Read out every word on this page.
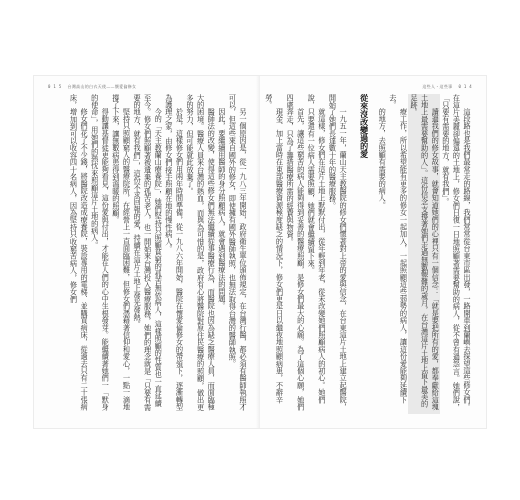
0 1 5 台灣高山的白衣天使——懷愛倫修女

另一個原因是，從一九八三年開始，政府衛生單位頒佈規定，在台灣行醫，都必須有醫師執照才可以，但這些來自國外的修女，即使擁有國外醫師執照，也無法取得台灣的醫師執照。

因此，要繼續用醫師的身分照顧病人，就會遇到醫療法的問題。

醫師法的改變，使得這些修女們無法繼續從事醫療行為，而醫院也因為缺乏醫療人員，而面臨極大的困境。醫療人員來台灣的熱血，而與為可惜的是，政府有心將醫院對原住民醫療的照顧，做出更多的努力，但可能就此放棄了。

於是，這樣修女們用兩年時間準備，從一九八六年開始，醫院在懷愛倫修女的帶領下，逐漸轉型為護理之家，由修女們接手照顧在地的慢性病人。

今的「天主教蘭山療養院」，她們堅持只照顧貧窮的孤苦無依病人，這樣照顧的性質也一直延續至今。修女們照顧著被遺棄的孤苦老人，也一開始來台灣投入醫療服務，她們的理念就是「只要有需要的地方，就有我們」，這份不求回報的愛，持續在這片土地上發光發熱。

堅持只照顧窮人的醫療院所，在經營上一直面臨困難，但修女們憑藉著信仰和愛心，一點一滴地撐了下來，讓無數病患得到溫暖的照顧。

得動讓基督徒更能夠看見，這份愛與付出，才能在人們的心中生根發芽。能繼續著她們一「默身的使命」，用她們的熱忱來照顧這片土地的病人。

修女們花了不少錢，將醫院改造成療養院，裝設專用的電梯、並購買病床，從過去只有二十張病床，增加到可以收容四十名病人，因為堅持只收窮苦病人，修女們

這些人・這些事 0 1 4

這段路也是我們最常走的路線，我們常常從台東市區出發，一路開車到蘭嶼去探望這些修女們。在這片美麗卻偏遠的土地上，修女們日復一日地照顧著需要幫助的病人，從不曾有過怨言。她們說，「只要有需要的地方，就有我們」。

讀過我們的修女故事，就會知道她們的心裡只有一個信念：「就是要把所有的愛，都奉獻給這塊土地上最需要幫助的人」。這份信念支撐著她們走過無數艱難的歲月，在台灣這片土地上留下最美的足跡。

療工作，所以希望能有更多的修女一起加入，一起照顧這些弱勢的病人，讓這份愛能夠延續下去。

的地方，去照顧有需要的病人。

從來沒改變過的愛

一九五一年，蘭山天主教醫院的修女們懷著對上帝的愛與信念，在台東這片土地上建立起醫院，開始了她們長達數十年的醫療服務。

就這樣，修女們在這片土地上默默付出，從年輕到年老，從未改變她們照顧病人的初心。她們說，只要還有一位病人需要照顧，她們就會繼續留下來。

首先，讓這些窮苦的病人能夠得到妥善的醫療照顧，是修女們最大的心願。為了這個心願，她們四處奔走，只為了籌措醫療所需的經費與物資。

現金、加上當時在東部醫療資源極度缺乏的情況下，修女們更是日以繼夜地照顧病患，不辭辛勞。
